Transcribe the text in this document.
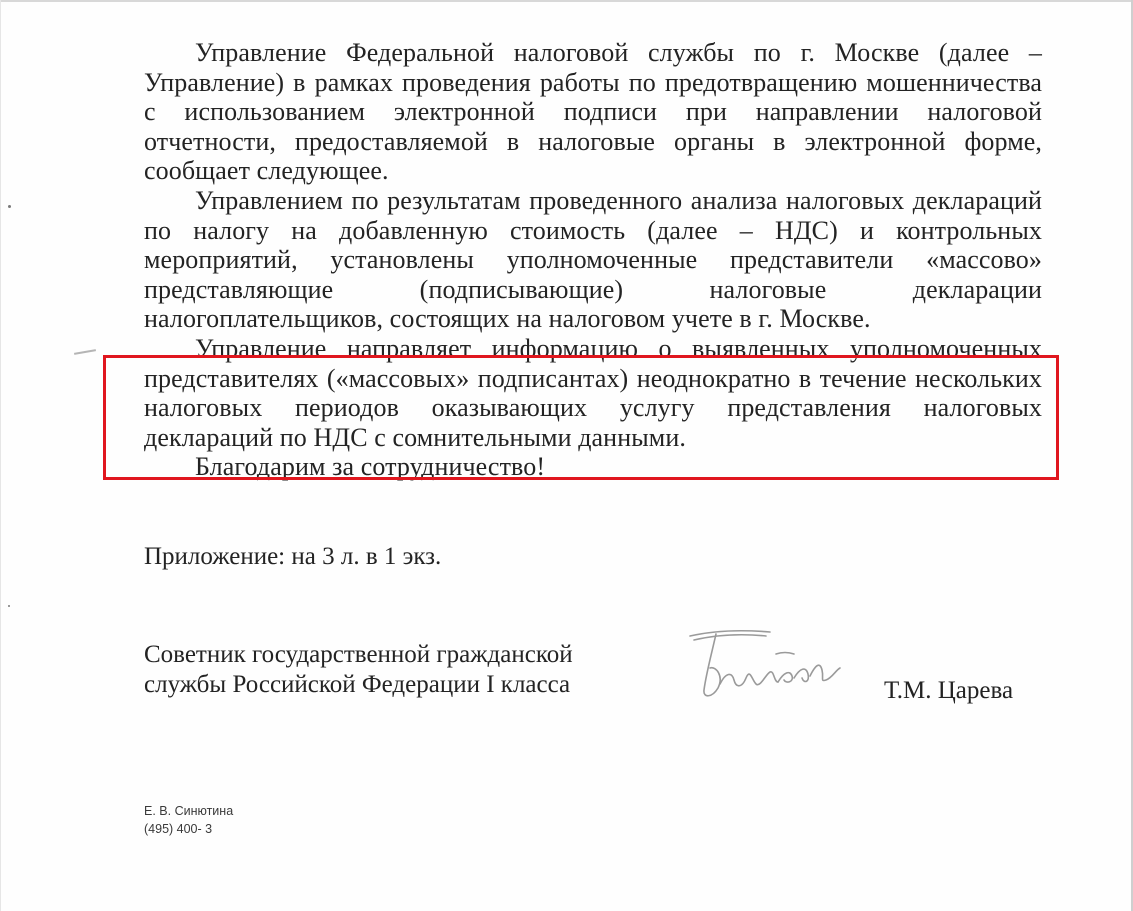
Управление Федеральной налоговой службы по г. Москве (далее – Управление) в рамках проведения работы по предотвращению мошенничества с использованием электронной подписи при направлении налоговой отчетности, предоставляемой в налоговые органы в электронной форме, сообщает следующее.

Управлением по результатам проведенного анализа налоговых деклараций по налогу на добавленную стоимость (далее – НДС) и контрольных мероприятий, установлены уполномоченные представители «массово» представляющие (подписывающие) налоговые декларации налогоплательщиков, состоящих на налоговом учете в г. Москве.

Управление направляет информацию о выявленных уполномоченных представителях («массовых» подписантах) неоднократно в течение нескольких налоговых периодов оказывающих услугу представления налоговых деклараций по НДС с сомнительными данными.

Благодарим за сотрудничество!

Приложение: на 3 л. в 1 экз.

Советник государственной гражданской
службы Российской Федерации I класса	Т.М. Царева
Е. В. Синютина
(495) 400- 3
